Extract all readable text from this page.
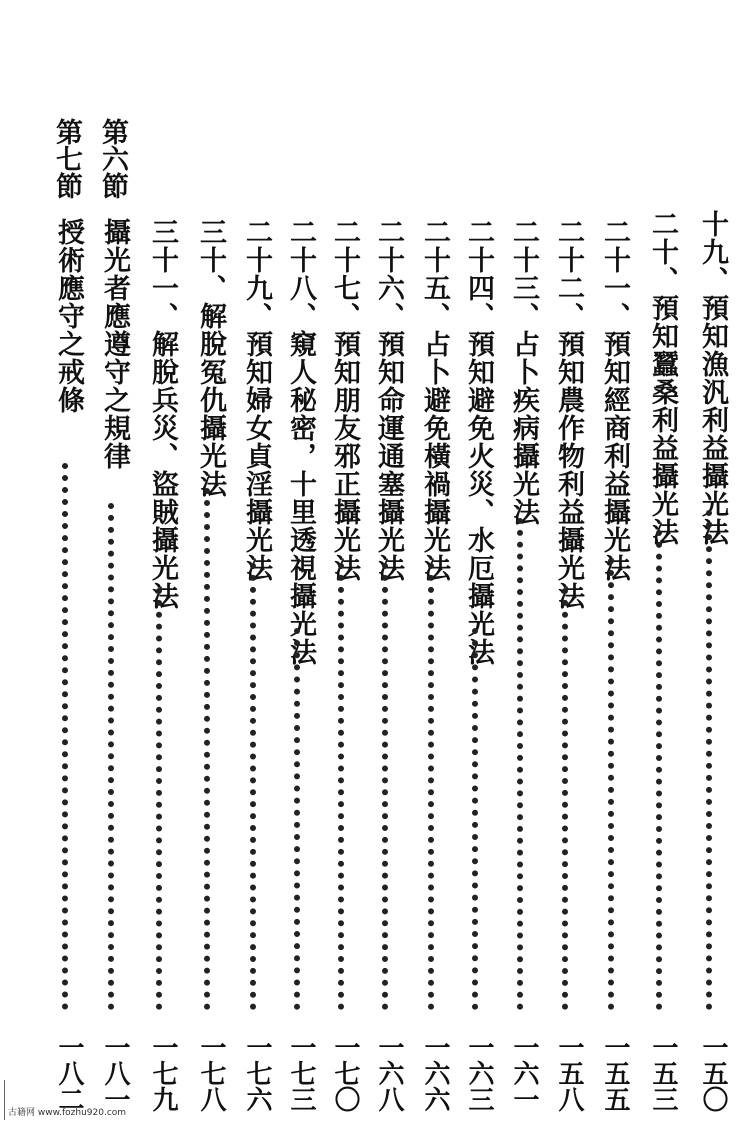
第六節
第七節
十九、預知漁汎利益攝光法
一五〇
二十、預知蠶桑利益攝光法
一五三
二十一、預知經商利益攝光法
一五五
二十二、預知農作物利益攝光法
一五八
二十三、占卜疾病攝光法
一六一
二十四、預知避免火災、水厄攝光法
一六三
二十五、占卜避免橫禍攝光法
一六六
二十六、預知命運通塞攝光法
一六八
二十七、預知朋友邪正攝光法
一七〇
二十八、窺人秘密，十里透視攝光法
一七三
二十九、預知婦女貞淫攝光法
一七六
三十、解脫冤仇攝光法
一七八
三十一、解脫兵災、盜賊攝光法
一七九
攝光者應遵守之規律
一八一
授術應守之戒條
一八二
古籍网 www.fozhu920.com
